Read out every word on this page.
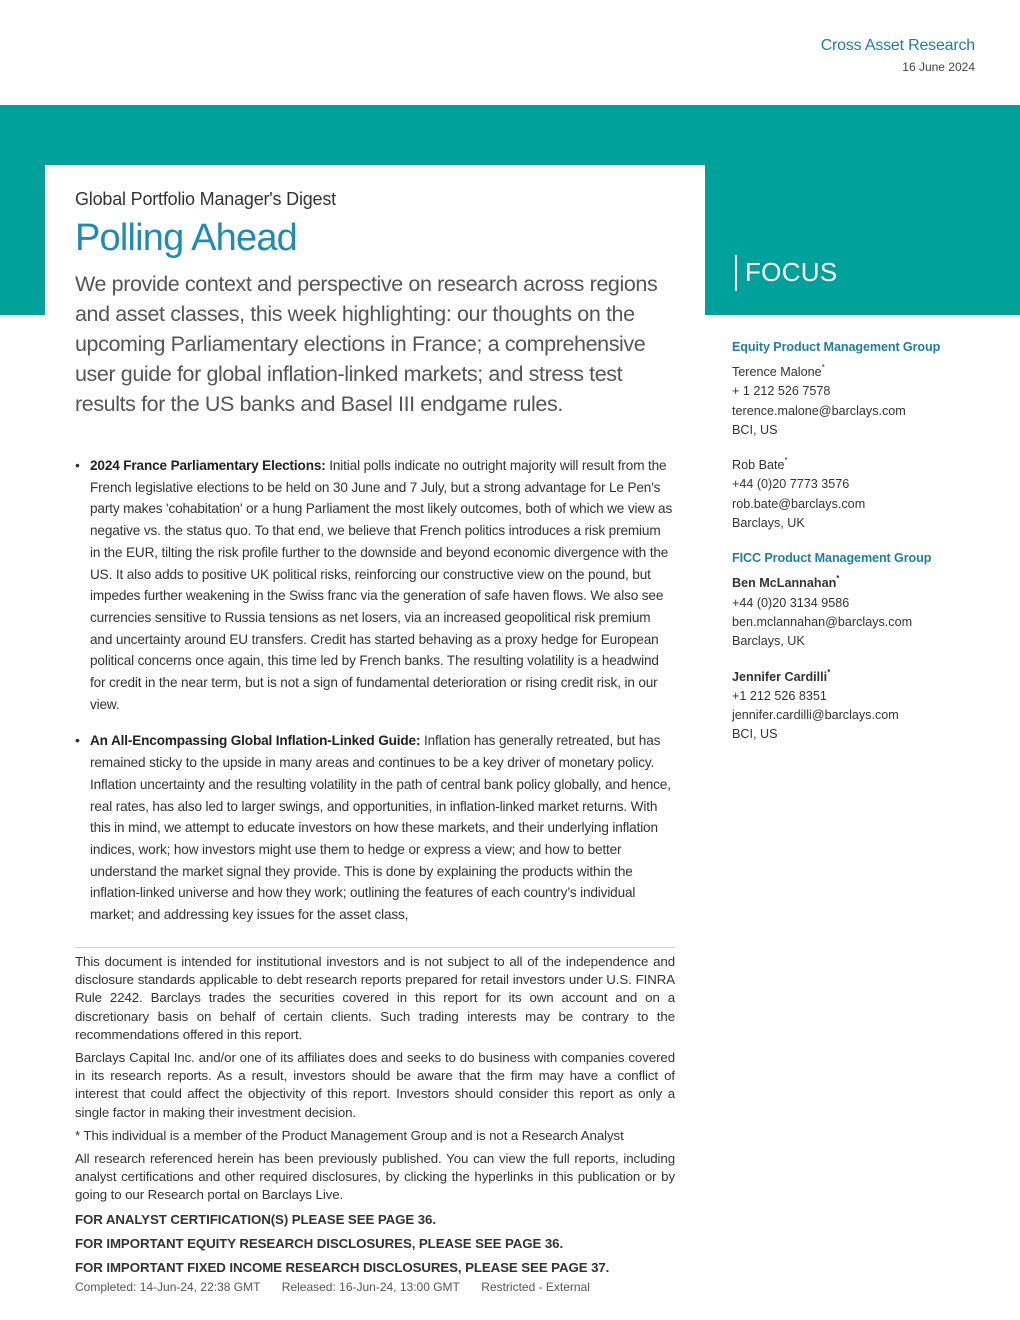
Cross Asset Research
16 June 2024
Global Portfolio Manager's Digest
Polling Ahead

We provide context and perspective on research across regions and asset classes, this week highlighting: our thoughts on the upcoming Parliamentary elections in France; a comprehensive user guide for global inflation-linked markets; and stress test results for the US banks and Basel III endgame rules.

• 2024 France Parliamentary Elections: Initial polls indicate no outright majority will result from the French legislative elections to be held on 30 June and 7 July, but a strong advantage for Le Pen's party makes 'cohabitation' or a hung Parliament the most likely outcomes, both of which we view as negative vs. the status quo. To that end, we believe that French politics introduces a risk premium in the EUR, tilting the risk profile further to the downside and beyond economic divergence with the US. It also adds to positive UK political risks, reinforcing our constructive view on the pound, but impedes further weakening in the Swiss franc via the generation of safe haven flows. We also see currencies sensitive to Russia tensions as net losers, via an increased geopolitical risk premium and uncertainty around EU transfers. Credit has started behaving as a proxy hedge for European political concerns once again, this time led by French banks. The resulting volatility is a headwind for credit in the near term, but is not a sign of fundamental deterioration or rising credit risk, in our view.
• An All-Encompassing Global Inflation-Linked Guide: Inflation has generally retreated, but has remained sticky to the upside in many areas and continues to be a key driver of monetary policy. Inflation uncertainty and the resulting volatility in the path of central bank policy globally, and hence, real rates, has also led to larger swings, and opportunities, in inflation-linked market returns. With this in mind, we attempt to educate investors on how these markets, and their underlying inflation indices, work; how investors might use them to hedge or express a view; and how to better understand the market signal they provide. This is done by explaining the products within the inflation-linked universe and how they work; outlining the features of each country’s individual market; and addressing key issues for the asset class,

This document is intended for institutional investors and is not subject to all of the independence and disclosure standards applicable to debt research reports prepared for retail investors under U.S. FINRA Rule 2242. Barclays trades the securities covered in this report for its own account and on a discretionary basis on behalf of certain clients. Such trading interests may be contrary to the recommendations offered in this report.

Barclays Capital Inc. and/or one of its affiliates does and seeks to do business with companies covered in its research reports. As a result, investors should be aware that the firm may have a conflict of interest that could affect the objectivity of this report. Investors should consider this report as only a single factor in making their investment decision.

* This individual is a member of the Product Management Group and is not a Research Analyst

All research referenced herein has been previously published. You can view the full reports, including analyst certifications and other required disclosures, by clicking the hyperlinks in this publication or by going to our Research portal on Barclays Live.

FOR ANALYST CERTIFICATION(S) PLEASE SEE PAGE 36.

FOR IMPORTANT EQUITY RESEARCH DISCLOSURES, PLEASE SEE PAGE 36.

FOR IMPORTANT FIXED INCOME RESEARCH DISCLOSURES, PLEASE SEE PAGE 37.

Completed: 14-Jun-24, 22:38 GMT Released: 16-Jun-24, 13:00 GMT Restricted - External
FOCUS
Equity Product Management Group
Terence Malone*
+ 1 212 526 7578
terence.malone@barclays.com
BCI, US
Rob Bate*
+44 (0)20 7773 3576
rob.bate@barclays.com
Barclays, UK
FICC Product Management Group
Ben McLannahan*
+44 (0)20 3134 9586
ben.mclannahan@barclays.com
Barclays, UK
Jennifer Cardilli*
+1 212 526 8351
jennifer.cardilli@barclays.com
BCI, US
